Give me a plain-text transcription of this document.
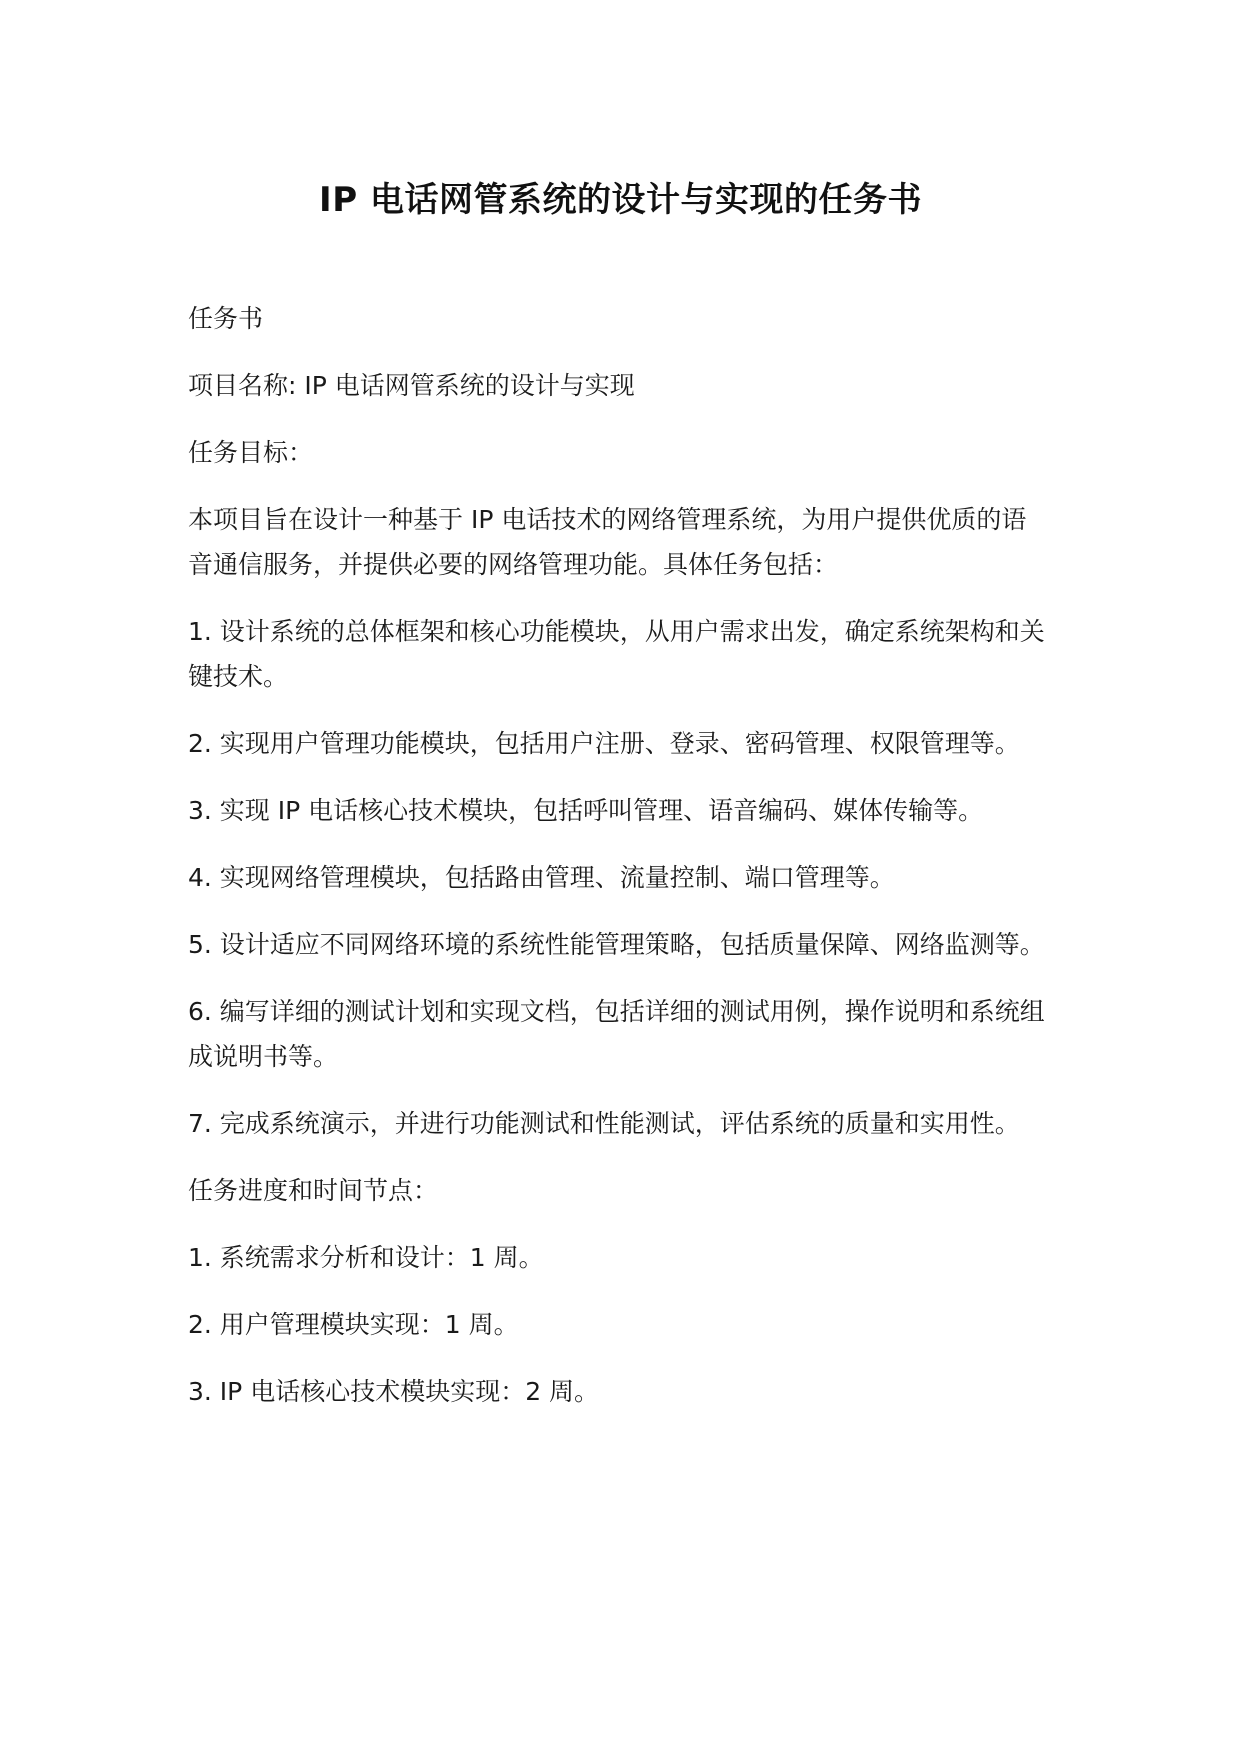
IP 电话网管系统的设计与实现的任务书

任务书

项目名称: IP 电话网管系统的设计与实现

任务目标：

本项目旨在设计一种基于 IP 电话技术的网络管理系统，为用户提供优质的语音通信服务，并提供必要的网络管理功能。具体任务包括：

1. 设计系统的总体框架和核心功能模块，从用户需求出发，确定系统架构和关键技术。

2. 实现用户管理功能模块，包括用户注册、登录、密码管理、权限管理等。

3. 实现 IP 电话核心技术模块，包括呼叫管理、语音编码、媒体传输等。

4. 实现网络管理模块，包括路由管理、流量控制、端口管理等。

5. 设计适应不同网络环境的系统性能管理策略，包括质量保障、网络监测等。

6. 编写详细的测试计划和实现文档，包括详细的测试用例，操作说明和系统组成说明书等。

7. 完成系统演示，并进行功能测试和性能测试，评估系统的质量和实用性。

任务进度和时间节点：

1. 系统需求分析和设计：1 周。

2. 用户管理模块实现：1 周。

3. IP 电话核心技术模块实现：2 周。
